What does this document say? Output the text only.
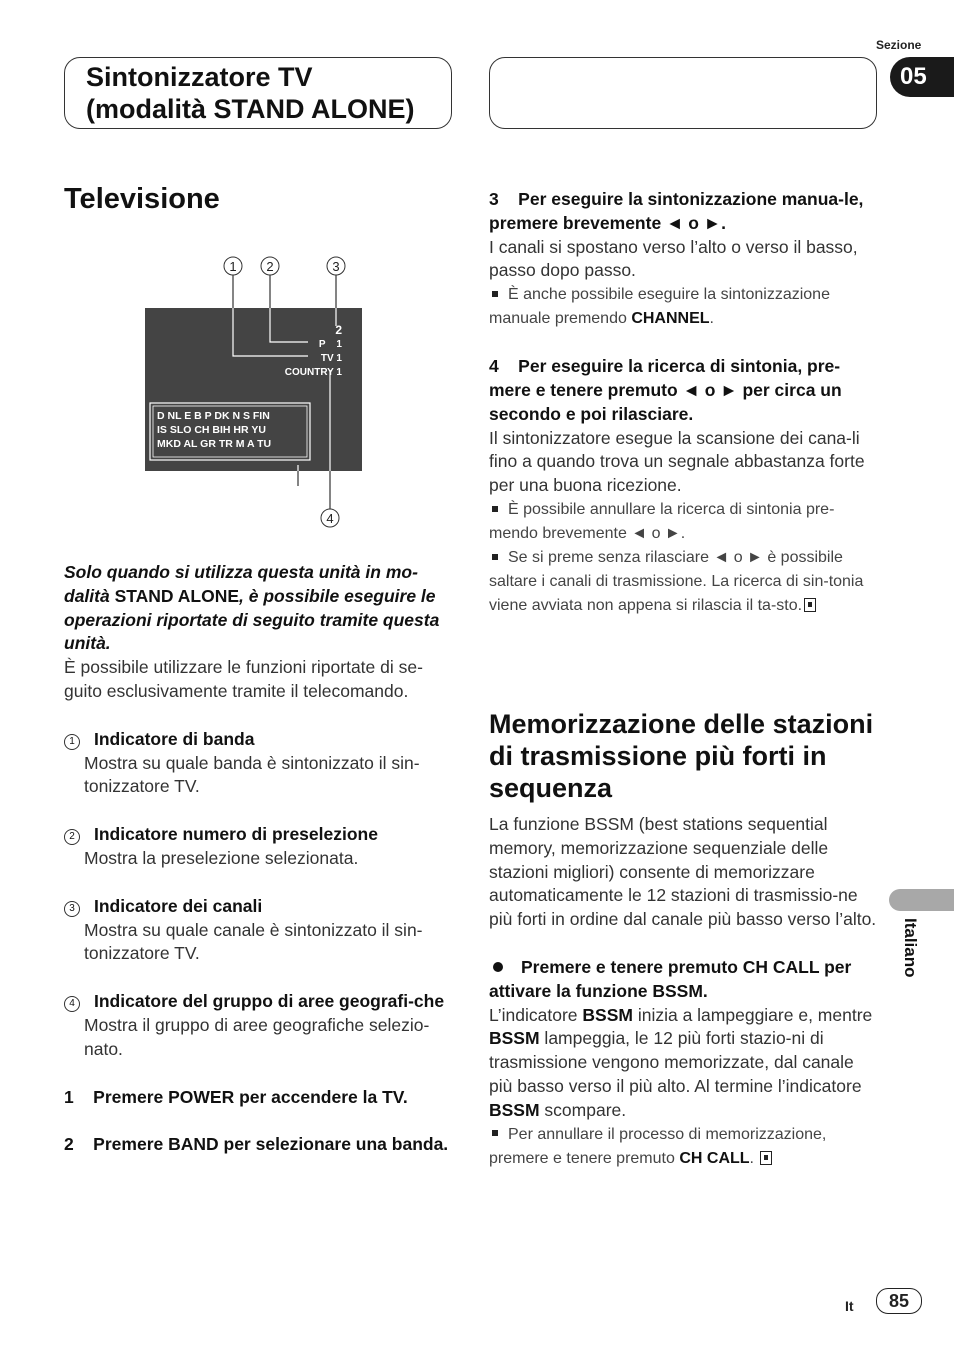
Sintonizzatore TV
(modalità STAND ALONE)
Sezione
05
Televisione
1 2	3
4
2
P    1
TV 1
COUNTRY 1
D NL E B P DK N S FIN
IS SLO CH BIH HR YU
MKD AL GR TR M A TU

Solo quando si utilizza questa unità in mo-dalità STAND ALONE, è possibile eseguire le operazioni riportate di seguito tramite questa unità.

È possibile utilizzare le funzioni riportate di se-guito esclusivamente tramite il telecomando.

1 Indicatore di banda

Mostra su quale banda è sintonizzato il sin-tonizzatore TV.

2 Indicatore numero di preselezione

Mostra la preselezione selezionata.

3 Indicatore dei canali

Mostra su quale canale è sintonizzato il sin-tonizzatore TV.

4 Indicatore del gruppo di aree geografi-che

Mostra il gruppo di aree geografiche selezio-nato.

1    Premere POWER per accendere la TV.

2    Premere BAND per selezionare una banda.

3    Per eseguire la sintonizzazione manua-le, premere brevemente ◄ o ►.

I canali si spostano verso l’alto o verso il basso, passo dopo passo.

È anche possibile eseguire la sintonizzazione manuale premendo CHANNEL.

4    Per eseguire la ricerca di sintonia, pre-mere e tenere premuto ◄ o ► per circa un secondo e poi rilasciare.

Il sintonizzatore esegue la scansione dei cana-li fino a quando trova un segnale abbastanza forte per una buona ricezione.

È possibile annullare la ricerca di sintonia pre-mendo brevemente ◄ o ►.

Se si preme senza rilasciare ◄ o ► è possibile saltare i canali di trasmissione. La ricerca di sin-tonia viene avviata non appena si rilascia il ta-sto.

Memorizzazione delle stazioni di trasmissione più forti in sequenza

La funzione BSSM (best stations sequential memory, memorizzazione sequenziale delle stazioni migliori) consente di memorizzare automaticamente le 12 stazioni di trasmissio-ne più forti in ordine dal canale più basso verso l’alto.

Premere e tenere premuto CH CALL per attivare la funzione BSSM.

L’indicatore BSSM inizia a lampeggiare e, mentre BSSM lampeggia, le 12 più forti stazio-ni di trasmissione vengono memorizzate, dal canale più basso verso il più alto. Al termine l’indicatore BSSM scompare.

Per annullare il processo di memorizzazione, premere e tenere premuto CH CALL.

Italiano
It	85
